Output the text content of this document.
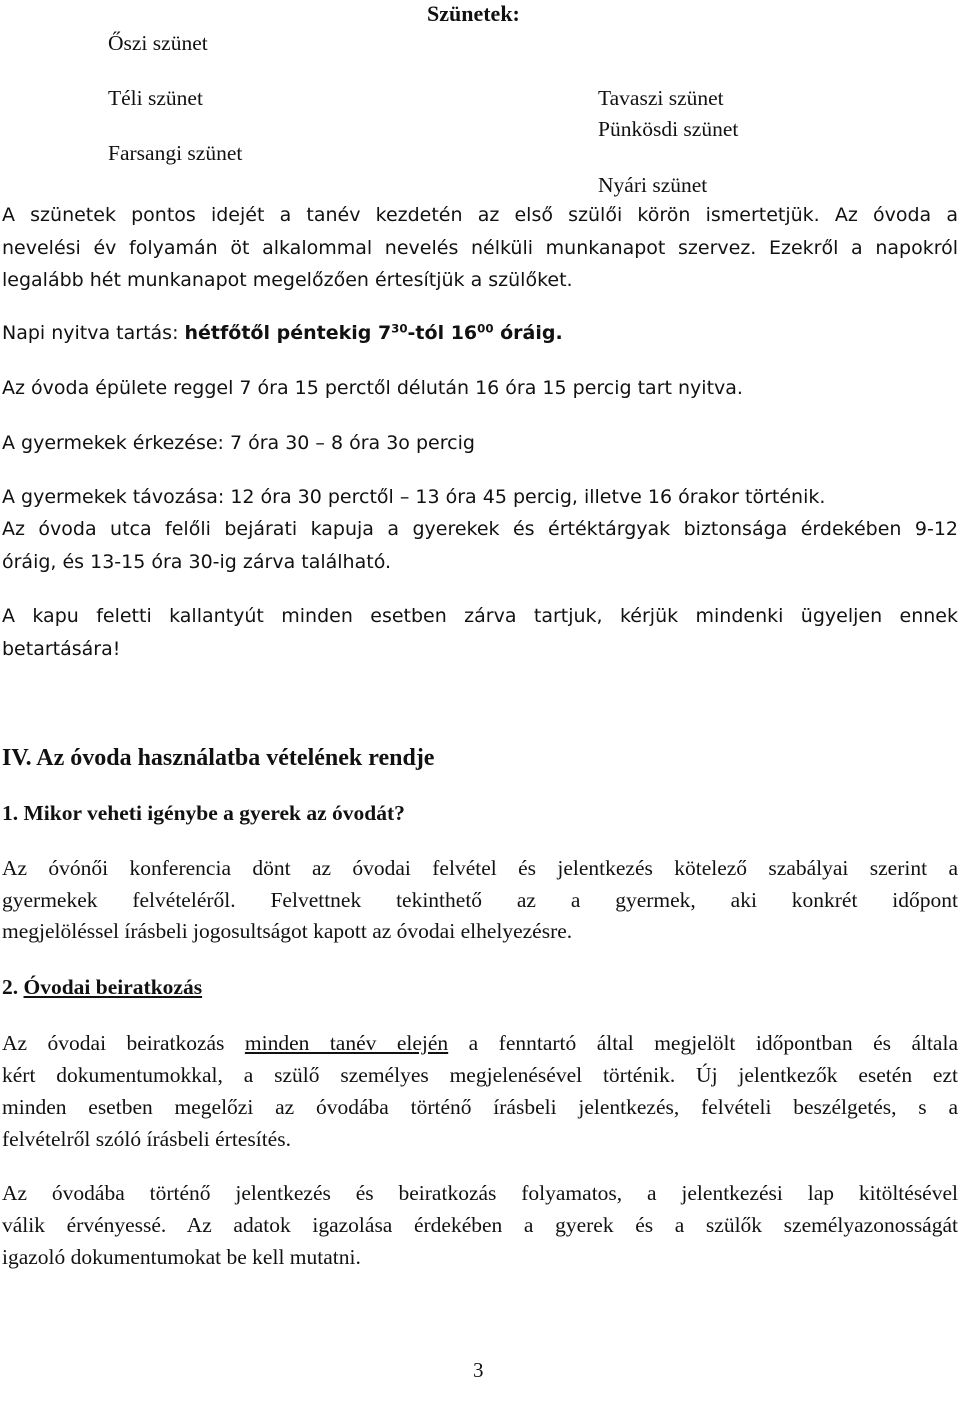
Szünetek:
Őszi szünet
Téli szünet	Tavaszi szünet
Pünkösdi szünet
Farsangi szünet
Nyári szünet
A szünetek pontos idejét a tanév kezdetén az első szülői körön ismertetjük. Az óvoda a
nevelési év folyamán öt alkalommal nevelés nélküli munkanapot szervez. Ezekről a napokról
legalább hét munkanapot megelőzően értesítjük a szülőket.
Napi nyitva tartás: hétfőtől péntekig $7^{30}$-tól $16^{00}$ óráig.
Az óvoda épülete reggel 7 óra 15 perctől délután 16 óra 15 percig tart nyitva.
A gyermekek érkezése: 7 óra 30 – 8 óra 3o percig
A gyermekek távozása: 12 óra 30 perctől – 13 óra 45 percig, illetve 16 órakor történik.
Az óvoda utca felőli bejárati kapuja a gyerekek és értéktárgyak biztonsága érdekében 9-12
óráig, és 13-15 óra 30-ig zárva található.
A kapu feletti kallantyút minden esetben zárva tartjuk, kérjük mindenki ügyeljen ennek
betartására!
IV. Az óvoda használatba vételének rendje
1. Mikor veheti igénybe a gyerek az óvodát?
Az óvónői konferencia dönt az óvodai felvétel és jelentkezés kötelező szabályai szerint a
gyermekek felvételéről. Felvettnek tekinthető az a gyermek, aki konkrét időpont
megjelöléssel írásbeli jogosultságot kapott az óvodai elhelyezésre.
2. Óvodai beiratkozás
Az óvodai beiratkozás minden tanév elején a fenntartó által megjelölt időpontban és általa
kért dokumentumokkal, a szülő személyes megjelenésével történik. Új jelentkezők esetén ezt
minden esetben megelőzi az óvodába történő írásbeli jelentkezés, felvételi beszélgetés, s a
felvételről szóló írásbeli értesítés.
Az óvodába történő jelentkezés és beiratkozás folyamatos, a jelentkezési lap kitöltésével
válik érvényessé. Az adatok igazolása érdekében a gyerek és a szülők személyazonosságát
igazoló dokumentumokat be kell mutatni.
3
